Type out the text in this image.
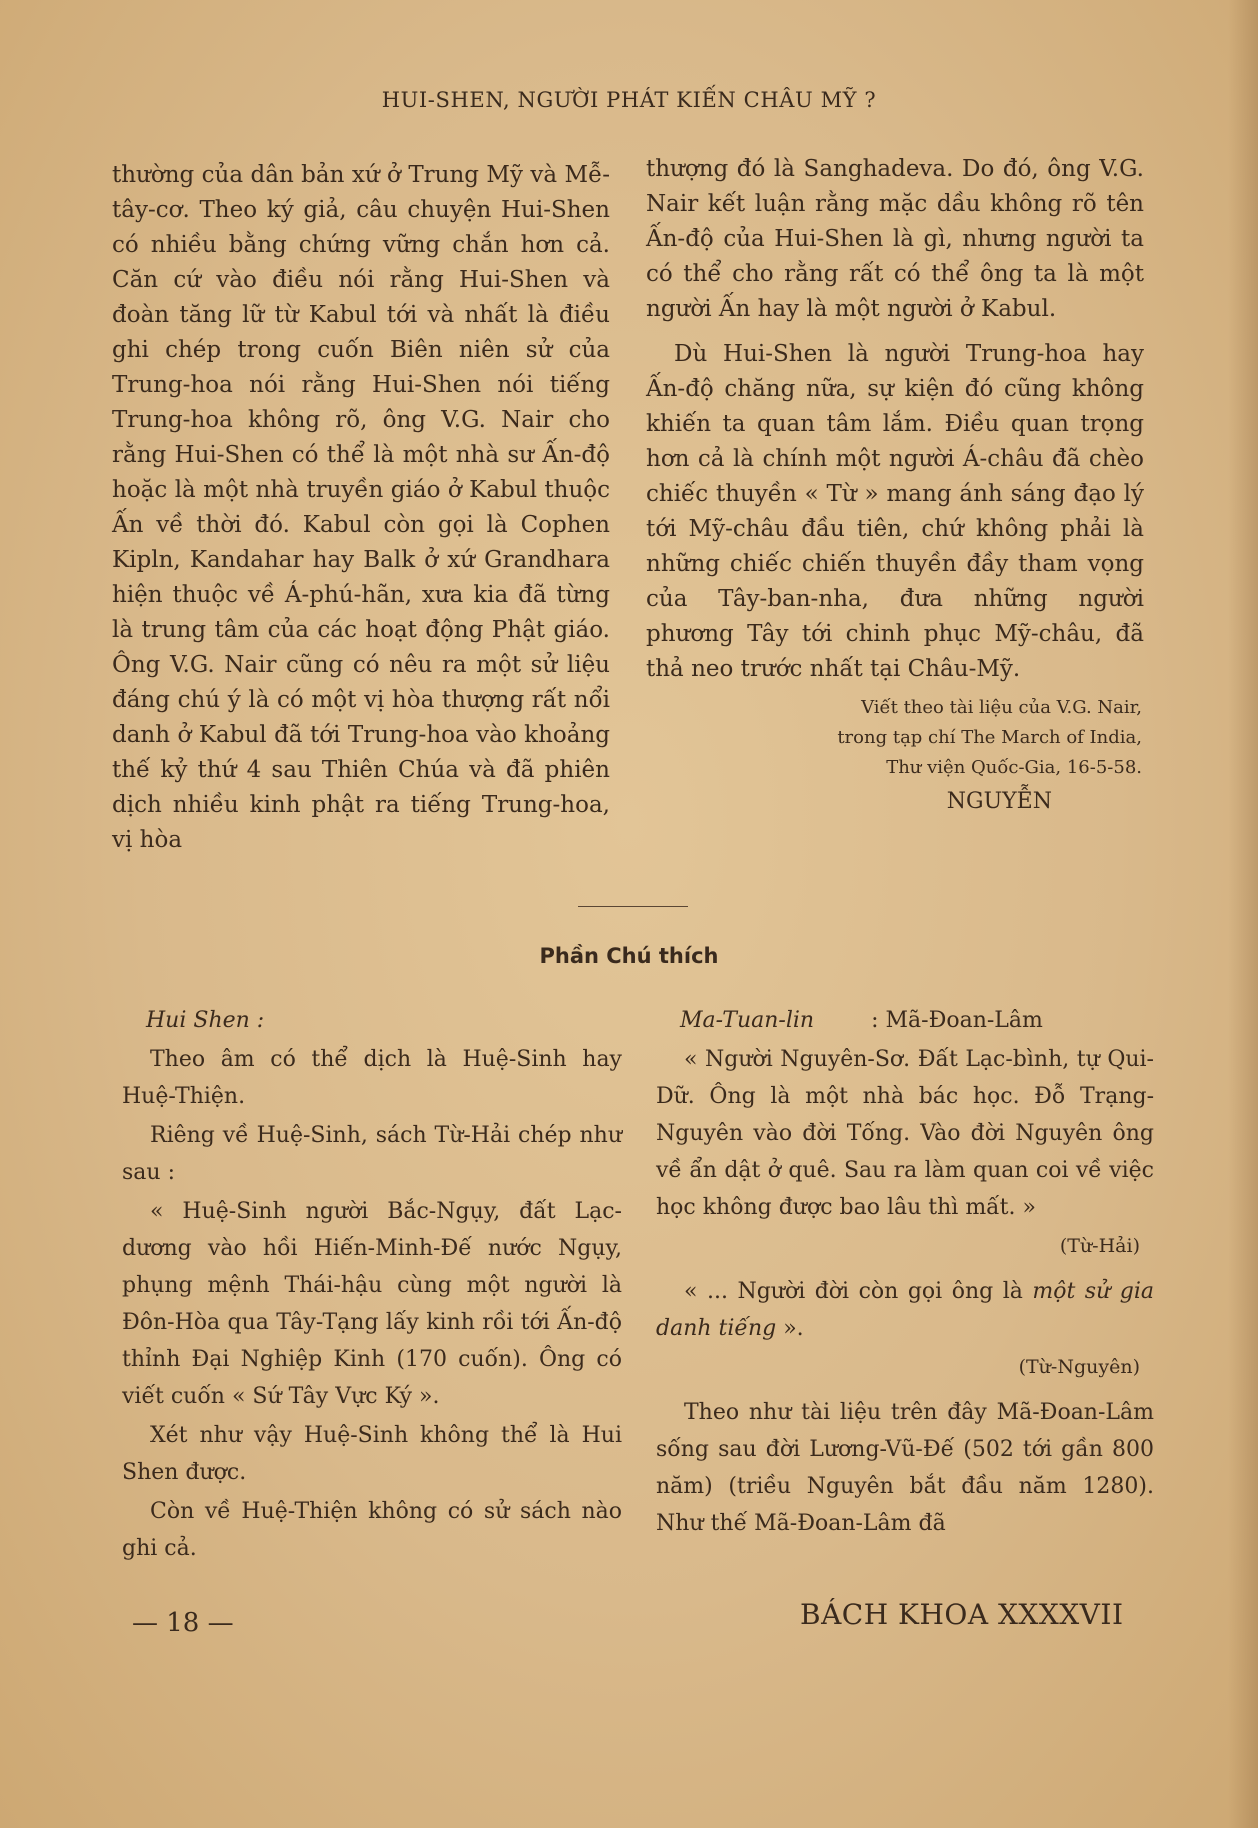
HUI-SHEN, NGƯỜI PHÁT KIẾN CHÂU MỸ ?

thường của dân bản xứ ở Trung Mỹ và Mễ-tây-cơ. Theo ký giả, câu chuyện Hui-Shen có nhiều bằng chứng vững chắn hơn cả. Căn cứ vào điều nói rằng Hui-Shen và đoàn tăng lữ từ Kabul tới và nhất là điều ghi chép trong cuốn Biên niên sử của Trung-hoa nói rằng Hui-Shen nói tiếng Trung-hoa không rõ, ông V.G. Nair cho rằng Hui-Shen có thể là một nhà sư Ấn-độ hoặc là một nhà truyền giáo ở Kabul thuộc Ấn về thời đó. Kabul còn gọi là Cophen Kipln, Kandahar hay Balk ở xứ Grandhara hiện thuộc về Á-phú-hãn, xưa kia đã từng là trung tâm của các hoạt động Phật giáo. Ông V.G. Nair cũng có nêu ra một sử liệu đáng chú ý là có một vị hòa thượng rất nổi danh ở Kabul đã tới Trung-hoa vào khoảng thế kỷ thứ 4 sau Thiên Chúa và đã phiên dịch nhiều kinh phật ra tiếng Trung-hoa, vị hòa

thượng đó là Sanghadeva. Do đó, ông V.G. Nair kết luận rằng mặc dầu không rõ tên Ấn-độ của Hui-Shen là gì, nhưng người ta có thể cho rằng rất có thể ông ta là một người Ấn hay là một người ở Kabul.

Dù Hui-Shen là người Trung-hoa hay Ấn-độ chăng nữa, sự kiện đó cũng không khiến ta quan tâm lắm. Điều quan trọng hơn cả là chính một người Á-châu đã chèo chiếc thuyền « Từ » mang ánh sáng đạo lý tới Mỹ-châu đầu tiên, chứ không phải là những chiếc chiến thuyền đầy tham vọng của Tây-ban-nha, đưa những người phương Tây tới chinh phục Mỹ-châu, đã thả neo trước nhất tại Châu-Mỹ.

Viết theo tài liệu của V.G. Nair,
trong tạp chí The March of India,
Thư viện Quốc-Gia, 16-5-58.
NGUYỄN
Phần Chú thích

Hui Shen :

Theo âm có thể dịch là Huệ-Sinh hay Huệ-Thiện.

Riêng về Huệ-Sinh, sách Từ-Hải chép như sau :

« Huệ-Sinh người Bắc-Ngụy, đất Lạc-dương vào hồi Hiến-Minh-Đế nước Ngụy, phụng mệnh Thái-hậu cùng một người là Đôn-Hòa qua Tây-Tạng lấy kinh rồi tới Ấn-độ thỉnh Đại Nghiệp Kinh (170 cuốn). Ông có viết cuốn « Sứ Tây Vực Ký ».

Xét như vậy Huệ-Sinh không thể là Hui Shen được.

Còn về Huệ-Thiện không có sử sách nào ghi cả.

Ma-Tuan-lin	: Mã-Đoan-Lâm

« Người Nguyên-Sơ. Đất Lạc-bình, tự Qui-Dữ. Ông là một nhà bác học. Đỗ Trạng-Nguyên vào đời Tống. Vào đời Nguyên ông về ẩn dật ở quê. Sau ra làm quan coi về việc học không được bao lâu thì mất. »

(Từ-Hải)

« ... Người đời còn gọi ông là một sử gia danh tiếng ».

(Từ-Nguyên)

Theo như tài liệu trên đây Mã-Đoan-Lâm sống sau đời Lương-Vũ-Đế (502 tới gần 800 năm) (triều Nguyên bắt đầu năm 1280). Như thế Mã-Đoan-Lâm đã

— 18 —	BÁCH KHOA XXXXVII
